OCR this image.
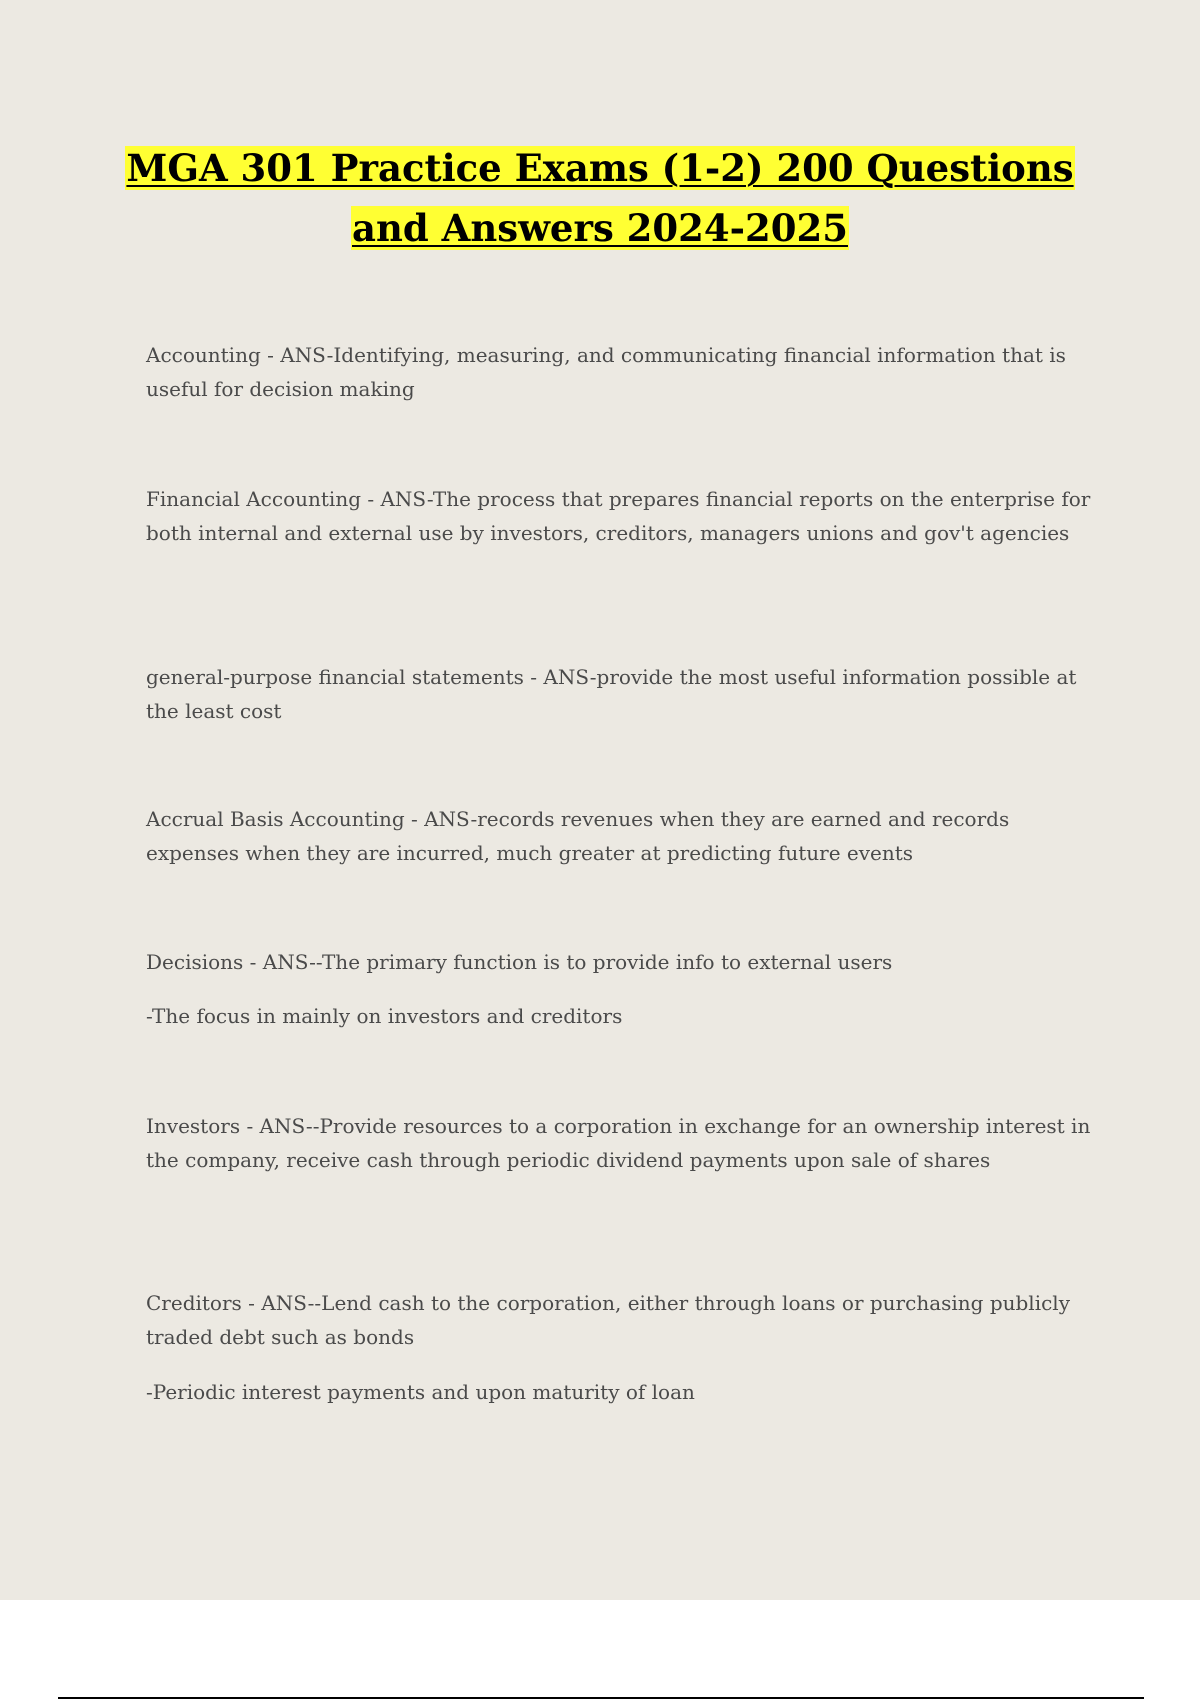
MGA 301 Practice Exams (1-2) 200 Questions
and Answers 2024-2025

Accounting - ANS-Identifying, measuring, and communicating financial information that is useful for decision making

Financial Accounting - ANS-The process that prepares financial reports on the enterprise for both internal and external use by investors, creditors, managers unions and gov't agencies

general-purpose financial statements - ANS-provide the most useful information possible at the least cost

Accrual Basis Accounting - ANS-records revenues when they are earned and records expenses when they are incurred, much greater at predicting future events

Decisions - ANS--The primary function is to provide info to external users

-The focus in mainly on investors and creditors

Investors - ANS--Provide resources to a corporation in exchange for an ownership interest in the company, receive cash through periodic dividend payments upon sale of shares

Creditors - ANS--Lend cash to the corporation, either through loans or purchasing publicly traded debt such as bonds

-Periodic interest payments and upon maturity of loan
